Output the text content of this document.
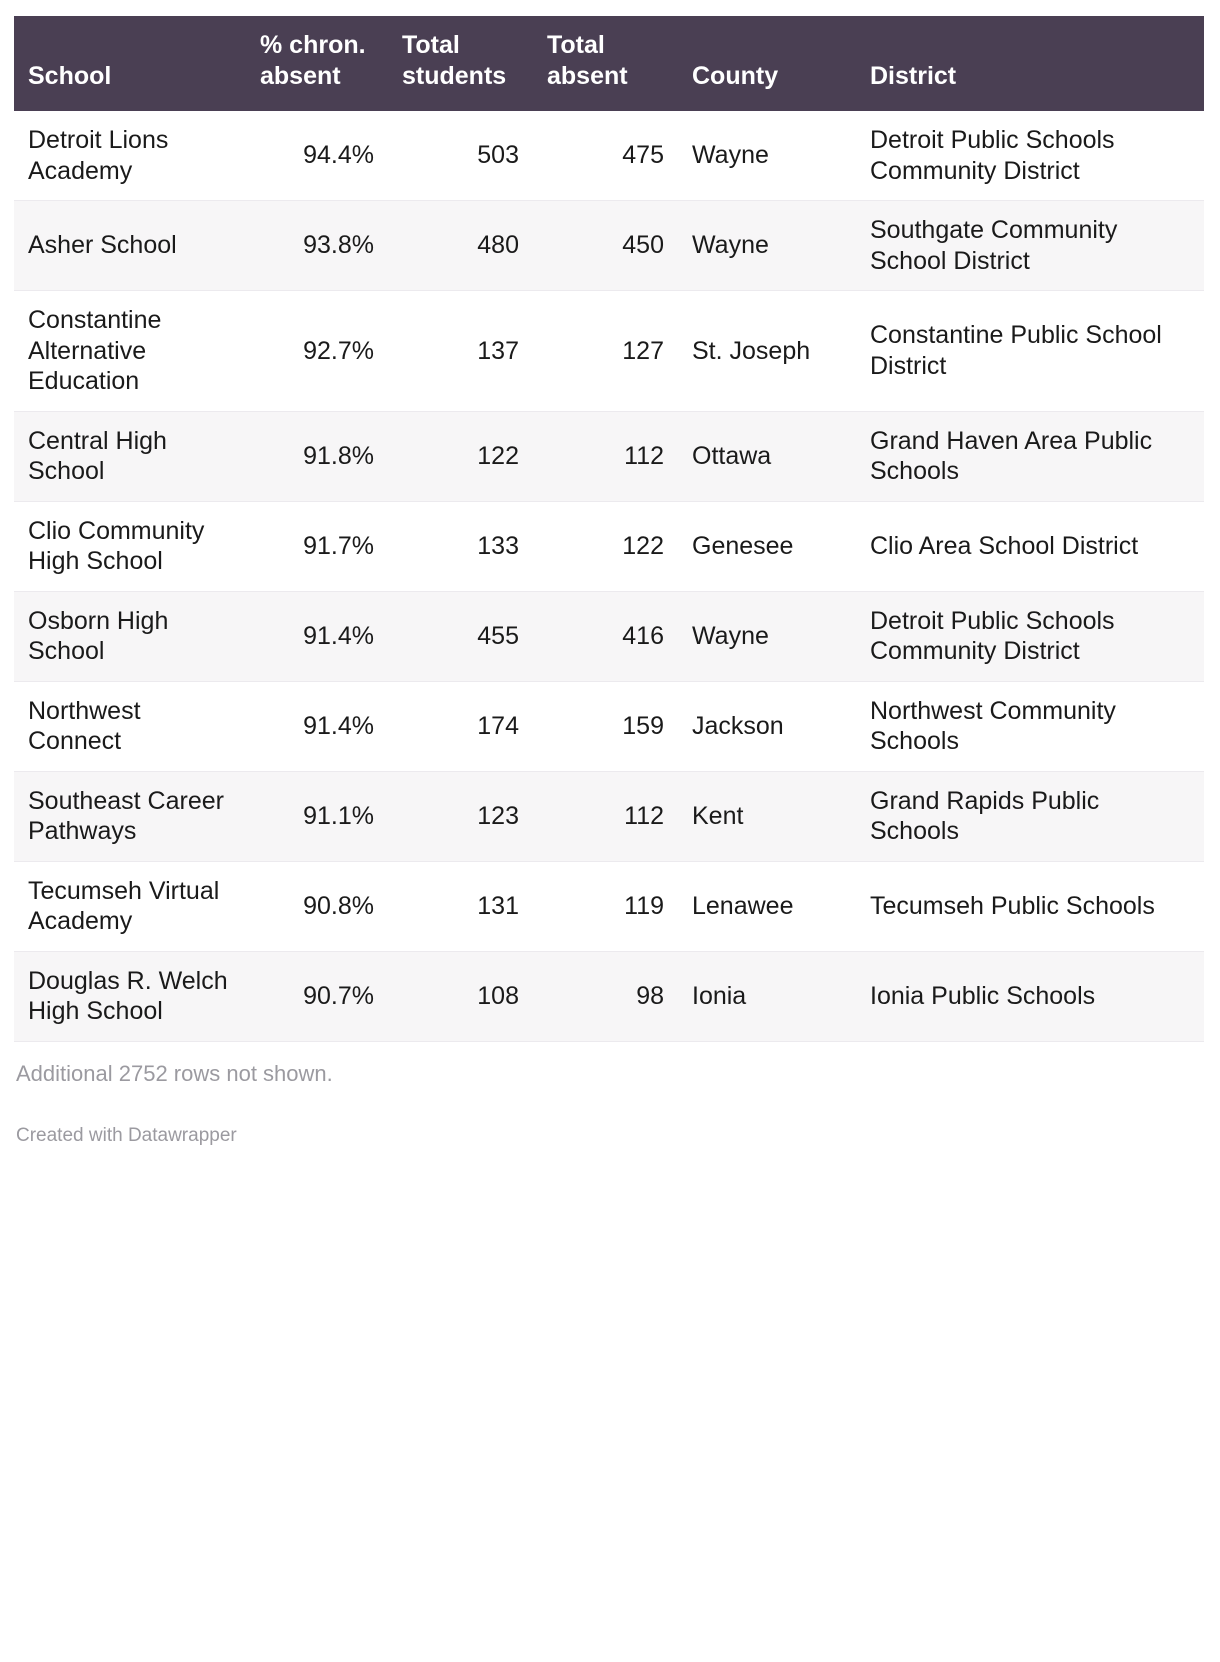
School	% chron. absent	Total students	Total absent	County	District
Detroit Lions Academy	94.4%	503	475	Wayne	Detroit Public Schools Community District
Asher School	93.8%	480	450	Wayne	Southgate Community School District
Constantine Alternative Education	92.7%	137	127	St. Joseph	Constantine Public School District
Central High School	91.8%	122	112	Ottawa	Grand Haven Area Public Schools
Clio Community High School	91.7%	133	122	Genesee	Clio Area School District
Osborn High School	91.4%	455	416	Wayne	Detroit Public Schools Community District
Northwest Connect	91.4%	174	159	Jackson	Northwest Community Schools
Southeast Career Pathways	91.1%	123	112	Kent	Grand Rapids Public Schools
Tecumseh Virtual Academy	90.8%	131	119	Lenawee	Tecumseh Public Schools
Douglas R. Welch High School	90.7%	108	98	Ionia	Ionia Public Schools
Additional 2752 rows not shown.
Created with Datawrapper
